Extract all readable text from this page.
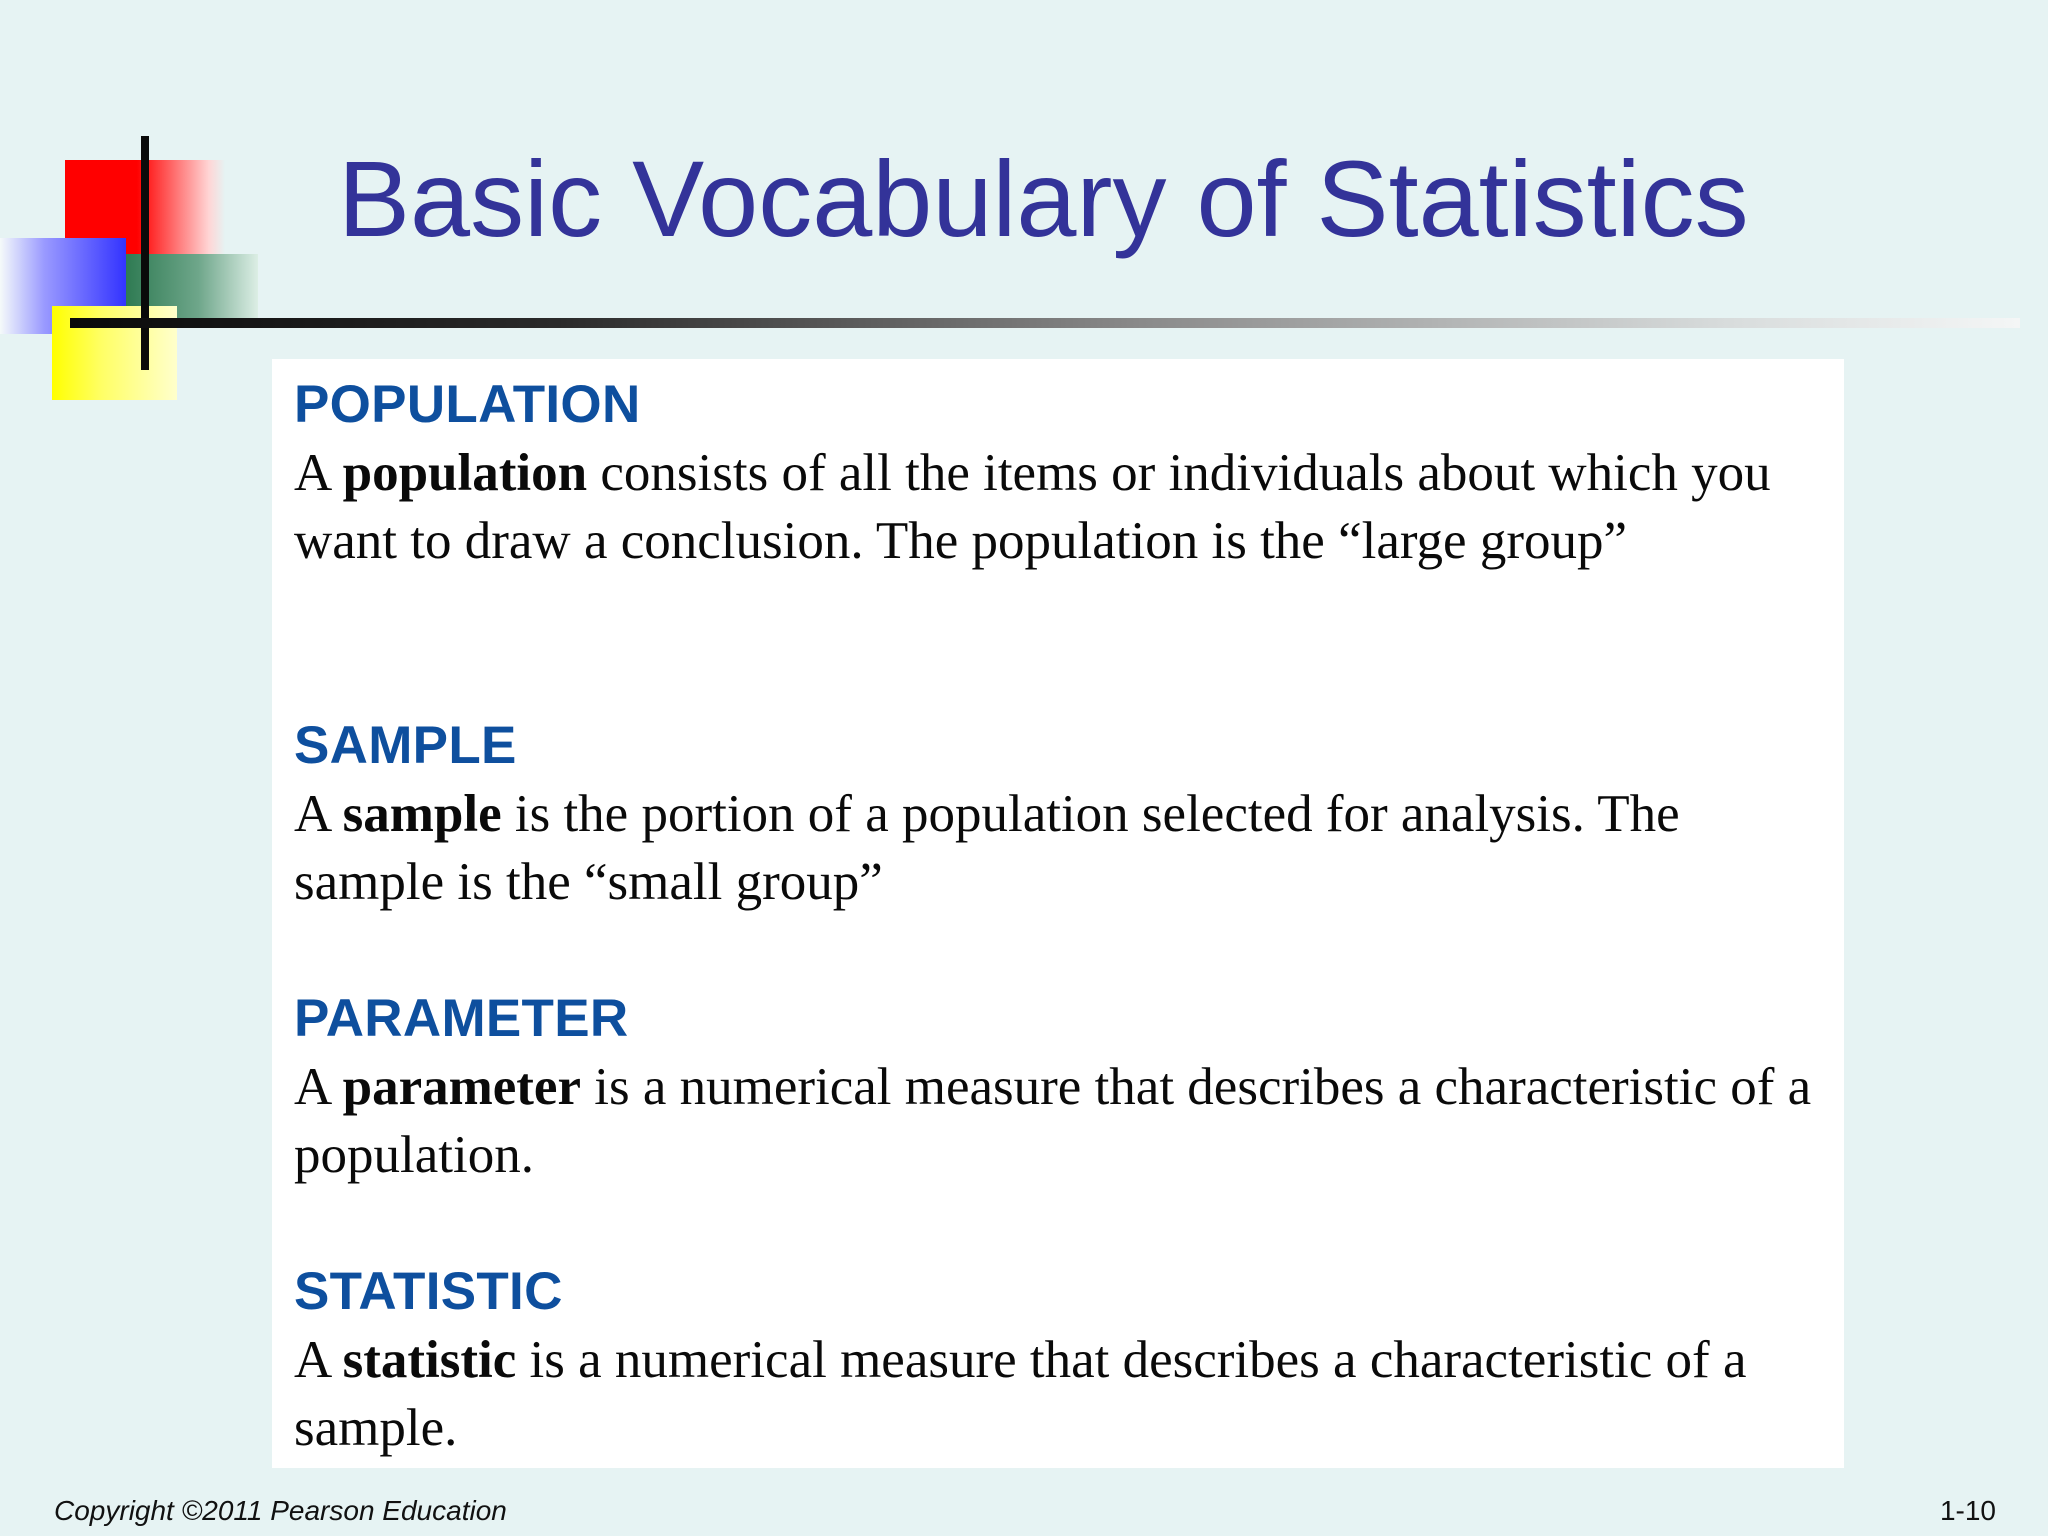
Basic Vocabulary of Statistics

POPULATION

A population consists of all the items or individuals about which you want to draw a conclusion. The population is the “large group”

SAMPLE

A sample is the portion of a population selected for analysis. The sample is the “small group”

PARAMETER

A parameter is a numerical measure that describes a characteristic of a population.

STATISTIC

A statistic is a numerical measure that describes a characteristic of a sample.

Copyright ©2011 Pearson Education	1-10
